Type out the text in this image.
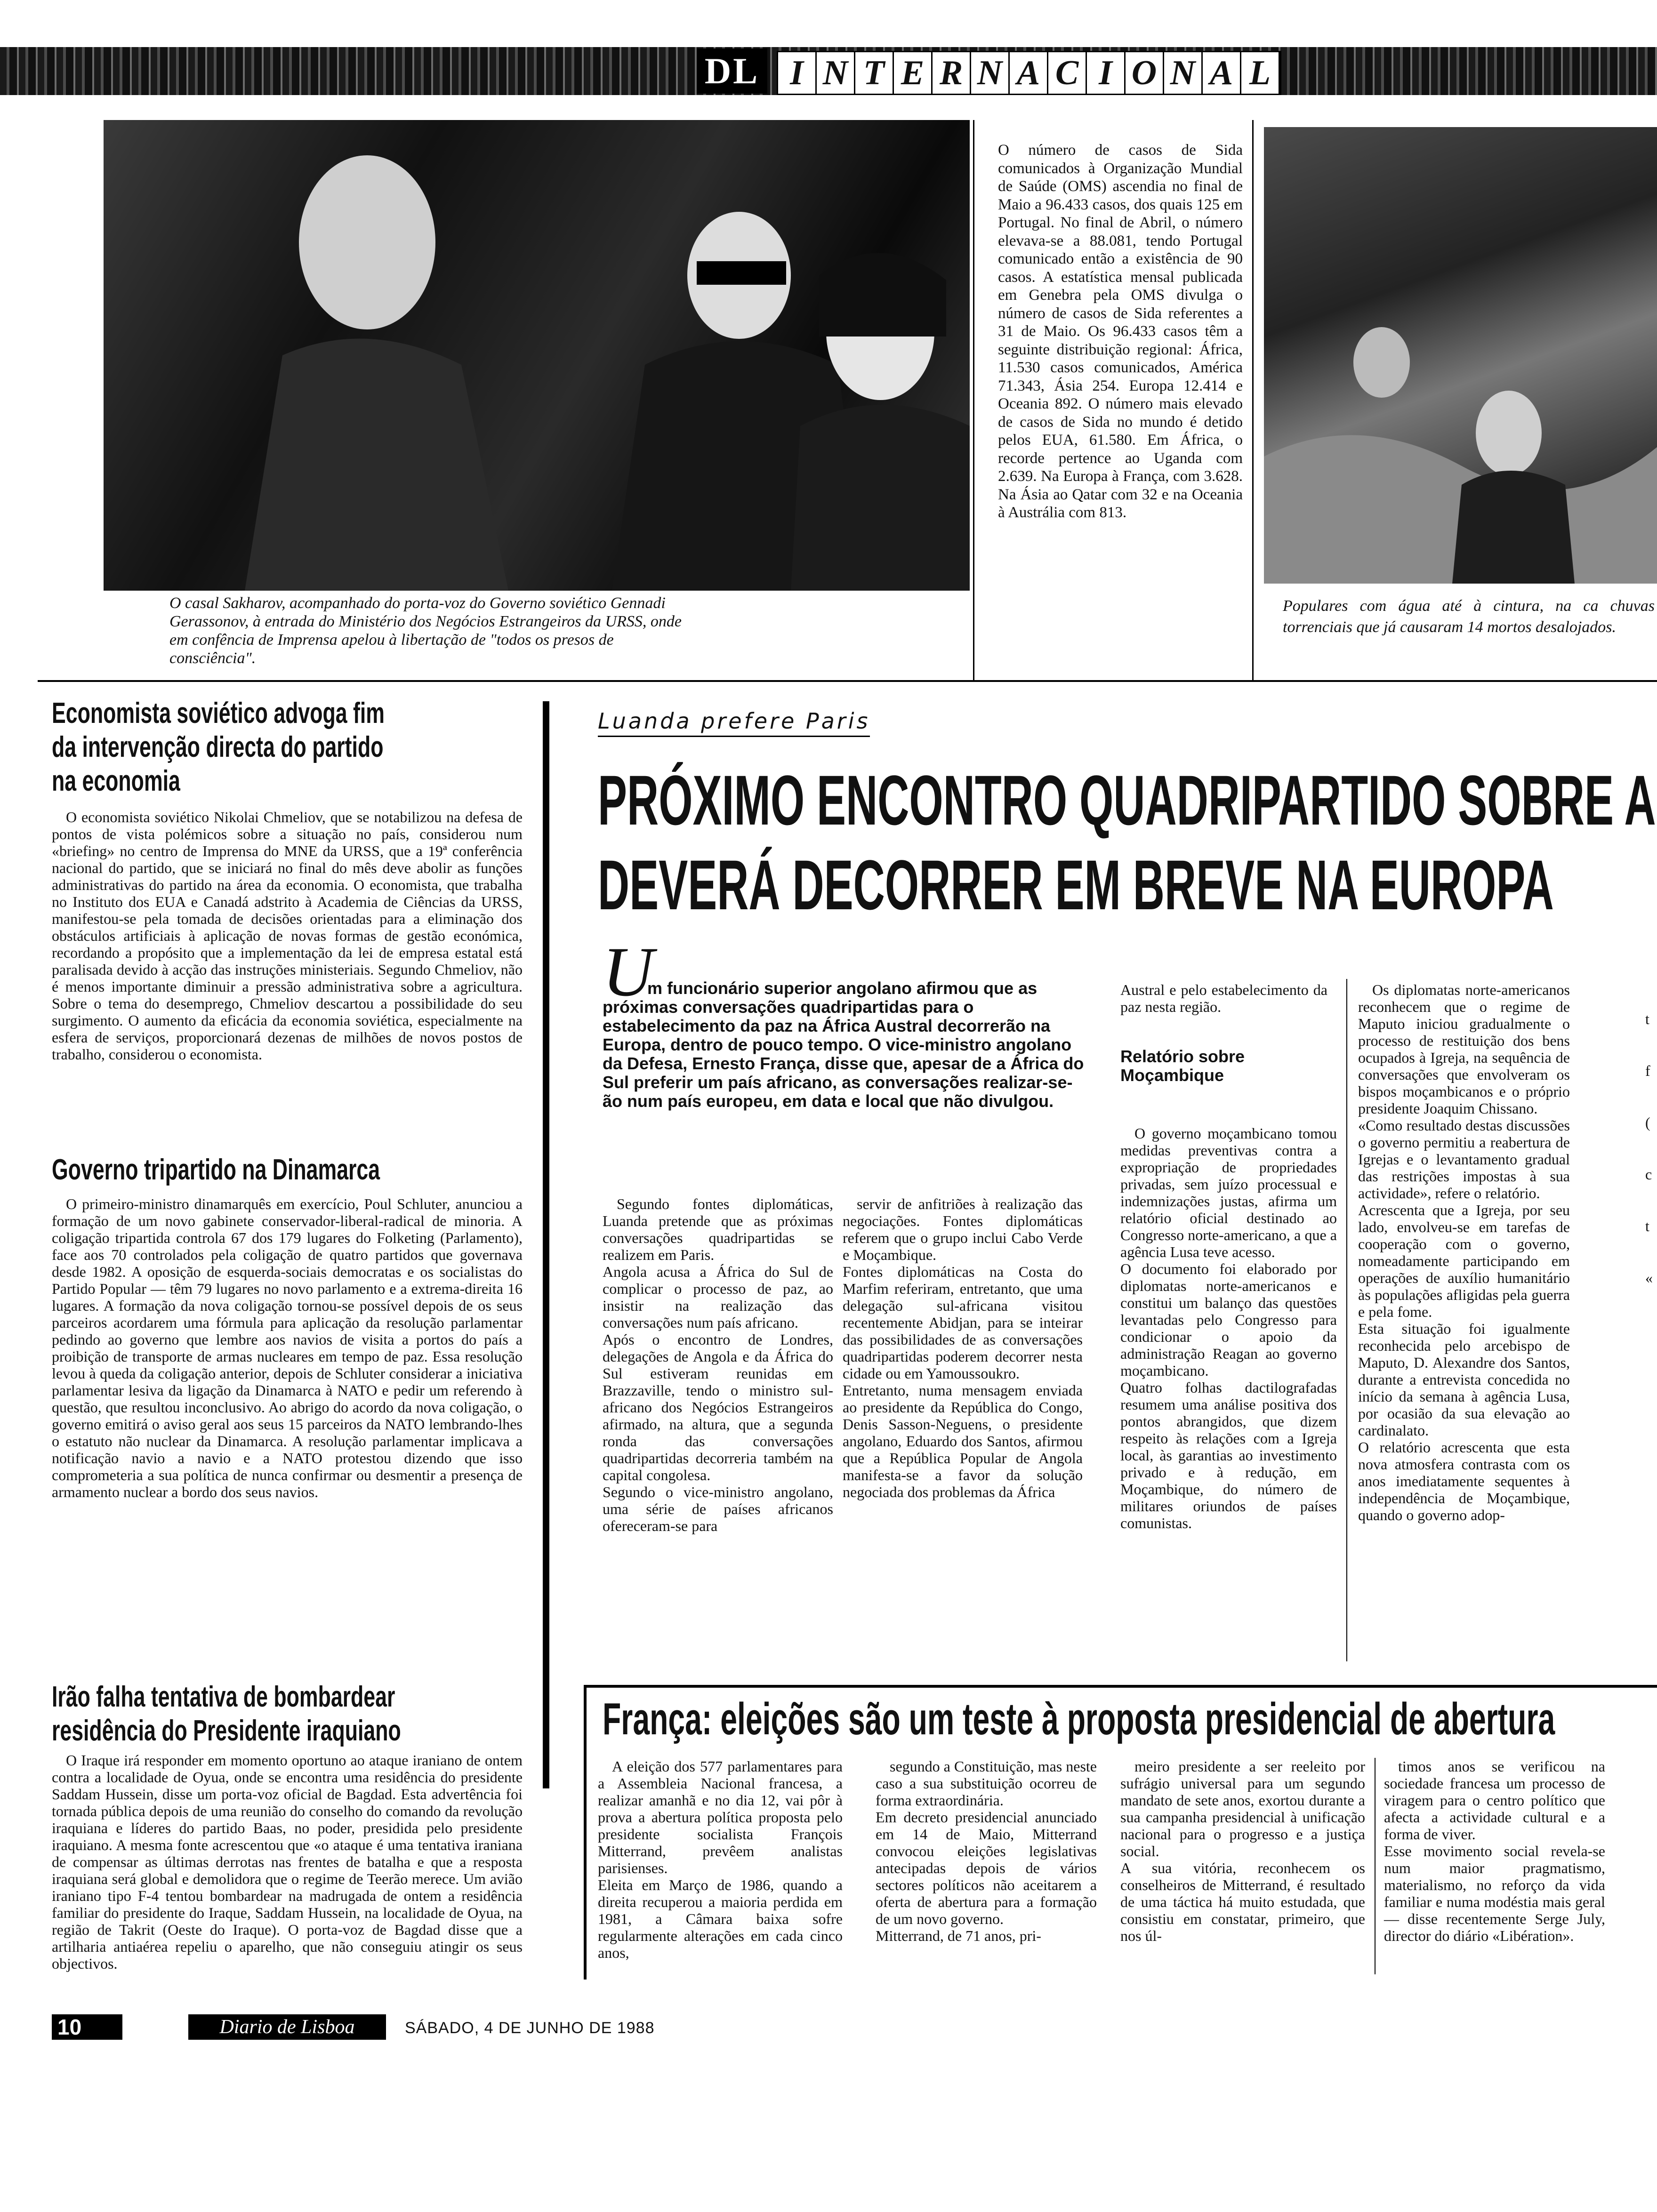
DL I N T E R N A C I O N A L
O casal Sakharov, acompanhado do porta-voz do Governo soviético Gennadi Gerassonov, à entrada do Ministério dos Negócios Estrangeiros da URSS, onde em confência de Imprensa apelou à libertação de "todos os presos de consciência".
O número de casos de Sida comunicados à Organização Mundial de Saúde (OMS) ascendia no final de Maio a 96.433 casos, dos quais 125 em Portugal. No final de Abril, o número elevava-se a 88.081, tendo Portugal comunicado então a existência de 90 casos. A estatística mensal publicada em Genebra pela OMS divulga o número de casos de Sida referentes a 31 de Maio. Os 96.433 casos têm a seguinte distribuição regional: África, 11.530 casos comunicados, América 71.343, Ásia 254. Europa 12.414 e Oceania 892. O número mais elevado de casos de Sida no mundo é detido pelos EUA, 61.580. Em África, o recorde pertence ao Uganda com 2.639. Na Europa à França, com 3.628. Na Ásia ao Qatar com 32 e na Oceania à Austrália com 813.
Populares com água até à cintura, na ca chuvas torrenciais que já causaram 14 mortos desalojados.
Economista soviético advoga fim
da intervenção directa do partido
na economia
O economista soviético Nikolai Chmeliov, que se notabilizou na defesa de pontos de vista polémicos sobre a situação no país, considerou num «briefing» no centro de Imprensa do MNE da URSS, que a 19ª conferência nacional do partido, que se iniciará no final do mês deve abolir as funções administrativas do partido na área da economia. O economista, que trabalha no Instituto dos EUA e Canadá adstrito à Academia de Ciências da URSS, manifestou-se pela tomada de decisões orientadas para a eliminação dos obstáculos artificiais à aplicação de novas formas de gestão económica, recordando a propósito que a implementação da lei de empresa estatal está paralisada devido à acção das instruções ministeriais. Segundo Chmeliov, não é menos importante diminuir a pressão administrativa sobre a agricultura. Sobre o tema do desemprego, Chmeliov descartou a possibilidade do seu surgimento. O aumento da eficácia da economia soviética, especialmente na esfera de serviços, proporcionará dezenas de milhões de novos postos de trabalho, considerou o economista.
Governo tripartido na Dinamarca
O primeiro-ministro dinamarquês em exercício, Poul Schluter, anunciou a formação de um novo gabinete conservador-liberal-radical de minoria. A coligação tripartida controla 67 dos 179 lugares do Folketing (Parlamento), face aos 70 controlados pela coligação de quatro partidos que governava desde 1982. A oposição de esquerda-sociais democratas e os socialistas do Partido Popular — têm 79 lugares no novo parlamento e a extrema-direita 16 lugares. A formação da nova coligação tornou-se possível depois de os seus parceiros acordarem uma fórmula para aplicação da resolução parlamentar pedindo ao governo que lembre aos navios de visita a portos do país a proibição de transporte de armas nucleares em tempo de paz. Essa resolução levou à queda da coligação anterior, depois de Schluter considerar a iniciativa parlamentar lesiva da ligação da Dinamarca à NATO e pedir um referendo à questão, que resultou inconclusivo. Ao abrigo do acordo da nova coligação, o governo emitirá o aviso geral aos seus 15 parceiros da NATO lembrando-lhes o estatuto não nuclear da Dinamarca. A resolução parlamentar implicava a notificação navio a navio e a NATO protestou dizendo que isso comprometeria a sua política de nunca confirmar ou desmentir a presença de armamento nuclear a bordo dos seus navios.
Irão falha tentativa de bombardear
residência do Presidente iraquiano
O Iraque irá responder em momento oportuno ao ataque iraniano de ontem contra a localidade de Oyua, onde se encontra uma residência do presidente Saddam Hussein, disse um porta-voz oficial de Bagdad. Esta advertência foi tornada pública depois de uma reunião do conselho do comando da revolução iraquiana e líderes do partido Baas, no poder, presidida pelo presidente iraquiano. A mesma fonte acrescentou que «o ataque é uma tentativa iraniana de compensar as últimas derrotas nas frentes de batalha e que a resposta iraquiana será global e demolidora que o regime de Teerão merece. Um avião iraniano tipo F-4 tentou bombardear na madrugada de ontem a residência familiar do presidente do Iraque, Saddam Hussein, na localidade de Oyua, na região de Takrit (Oeste do Iraque). O porta-voz de Bagdad disse que a artilharia antiaérea repeliu o aparelho, que não conseguiu atingir os seus objectivos.
Luanda prefere Paris
PRÓXIMO ENCONTRO QUADRIPARTIDO SOBRE A
DEVERÁ DECORRER EM BREVE NA EUROPA
U
m funcionário superior angolano afirmou que as próximas conversações quadripartidas para o estabelecimento da paz na África Austral decorrerão na Europa, dentro de pouco tempo. O vice-ministro angolano da Defesa, Ernesto França, disse que, apesar de a África do Sul preferir um país africano, as conversações realizar-se-ão num país europeu, em data e local que não divulgou.
Segundo fontes diplomáticas, Luanda pretende que as próximas conversações quadripartidas se realizem em Paris.
Angola acusa a África do Sul de complicar o processo de paz, ao insistir na realização das conversações num país africano.
Após o encontro de Londres, delegações de Angola e da África do Sul estiveram reunidas em Brazzaville, tendo o ministro sul-africano dos Negócios Estrangeiros afirmado, na altura, que a segunda ronda das conversações quadripartidas decorreria também na capital congolesa.
Segundo o vice-ministro angolano, uma série de países africanos ofereceram-se para
servir de anfitriões à realização das negociações. Fontes diplomáticas referem que o grupo inclui Cabo Verde e Moçambique.
Fontes diplomáticas na Costa do Marfim referiram, entretanto, que uma delegação sul-africana visitou recentemente Abidjan, para se inteirar das possibilidades de as conversações quadripartidas poderem decorrer nesta cidade ou em Yamoussoukro.
Entretanto, numa mensagem enviada ao presidente da República do Congo, Denis Sasson-Neguens, o presidente angolano, Eduardo dos Santos, afirmou que a República Popular de Angola manifesta-se a favor da solução negociada dos problemas da África
Austral e pelo estabelecimento da paz nesta região.
Relatório sobre
Moçambique
O governo moçambicano tomou medidas preventivas contra a expropriação de propriedades privadas, sem juízo processual e indemnizações justas, afirma um relatório oficial destinado ao Congresso norte-americano, a que a agência Lusa teve acesso.
O documento foi elaborado por diplomatas norte-americanos e constitui um balanço das questões levantadas pelo Congresso para condicionar o apoio da administração Reagan ao governo moçambicano.
Quatro folhas dactilografadas resumem uma análise positiva dos pontos abrangidos, que dizem respeito às relações com a Igreja local, às garantias ao investimento privado e à redução, em Moçambique, do número de militares oriundos de países comunistas.
Os diplomatas norte-americanos reconhecem que o regime de Maputo iniciou gradualmente o processo de restituição dos bens ocupados à Igreja, na sequência de conversações que envolveram os bispos moçambicanos e o próprio presidente Joaquim Chissano.
«Como resultado destas discussões o governo permitiu a reabertura de Igrejas e o levantamento gradual das restrições impostas à sua actividade», refere o relatório.
Acrescenta que a Igreja, por seu lado, envolveu-se em tarefas de cooperação com o governo, nomeadamente participando em operações de auxílio humanitário às populações afligidas pela guerra e pela fome.
Esta situação foi igualmente reconhecida pelo arcebispo de Maputo, D. Alexandre dos Santos, durante a entrevista concedida no início da semana à agência Lusa, por ocasião da sua elevação ao cardinalato.
O relatório acrescenta que esta nova atmosfera contrasta com os anos imediatamente sequentes à independência de Moçambique, quando o governo adop-
t
f
(
c
t
«
França: eleições são um teste à proposta presidencial de abertura
A eleição dos 577 parlamentares para a Assembleia Nacional francesa, a realizar amanhã e no dia 12, vai pôr à prova a abertura política proposta pelo presidente socialista François Mitterrand, prevêem analistas parisienses.
Eleita em Março de 1986, quando a direita recuperou a maioria perdida em 1981, a Câmara baixa sofre regularmente alterações em cada cinco anos,
segundo a Constituição, mas neste caso a sua substituição ocorreu de forma extraordinária.
Em decreto presidencial anunciado em 14 de Maio, Mitterrand convocou eleições legislativas antecipadas depois de vários sectores políticos não aceitarem a oferta de abertura para a formação de um novo governo.
Mitterrand, de 71 anos, pri-
meiro presidente a ser reeleito por sufrágio universal para um segundo mandato de sete anos, exortou durante a sua campanha presidencial à unificação nacional para o progresso e a justiça social.
A sua vitória, reconhecem os conselheiros de Mitterrand, é resultado de uma táctica há muito estudada, que consistiu em constatar, primeiro, que nos úl-
timos anos se verificou na sociedade francesa um processo de viragem para o centro político que afecta a actividade cultural e a forma de viver.
Esse movimento social revela-se num maior pragmatismo, materialismo, no reforço da vida familiar e numa modéstia mais geral — disse recentemente Serge July, director do diário «Libération».
10	Diario de Lisboa	SÁBADO, 4 DE JUNHO DE 1988
